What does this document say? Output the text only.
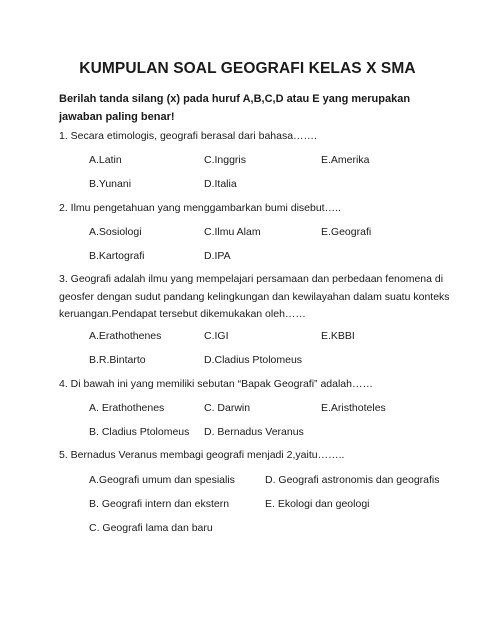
KUMPULAN SOAL GEOGRAFI KELAS X SMA
Berilah tanda silang (x) pada huruf A,B,C,D atau E yang merupakan jawaban paling benar!
1. Secara etimologis, geografi berasal dari bahasa…….
A.Latin	C.Inggris	E.Amerika
B.Yunani	D.Italia
2. Ilmu pengetahuan yang menggambarkan bumi disebut…..
A.Sosiologi	C.Ilmu Alam	E.Geografi
B.Kartografi	D.IPA
3. Geografi adalah ilmu yang mempelajari persamaan dan perbedaan fenomena di geosfer dengan sudut pandang kelingkungan dan kewilayahan dalam suatu konteks keruangan.Pendapat tersebut dikemukakan oleh……
A.Erathothenes	C.IGI	E.KBBI
B.R.Bintarto	D.Cladius Ptolomeus
4. Di bawah ini yang memiliki sebutan “Bapak Geografi” adalah……
A. Erathothenes	C. Darwin	E.Aristhoteles
B. Cladius Ptolomeus D. Bernadus Veranus
5. Bernadus Veranus membagi geografi menjadi 2,yaitu……..
A.Geografi umum dan spesialis	D. Geografi astronomis dan geografis
B. Geografi intern dan ekstern	E. Ekologi dan geologi
C. Geografi lama dan baru
